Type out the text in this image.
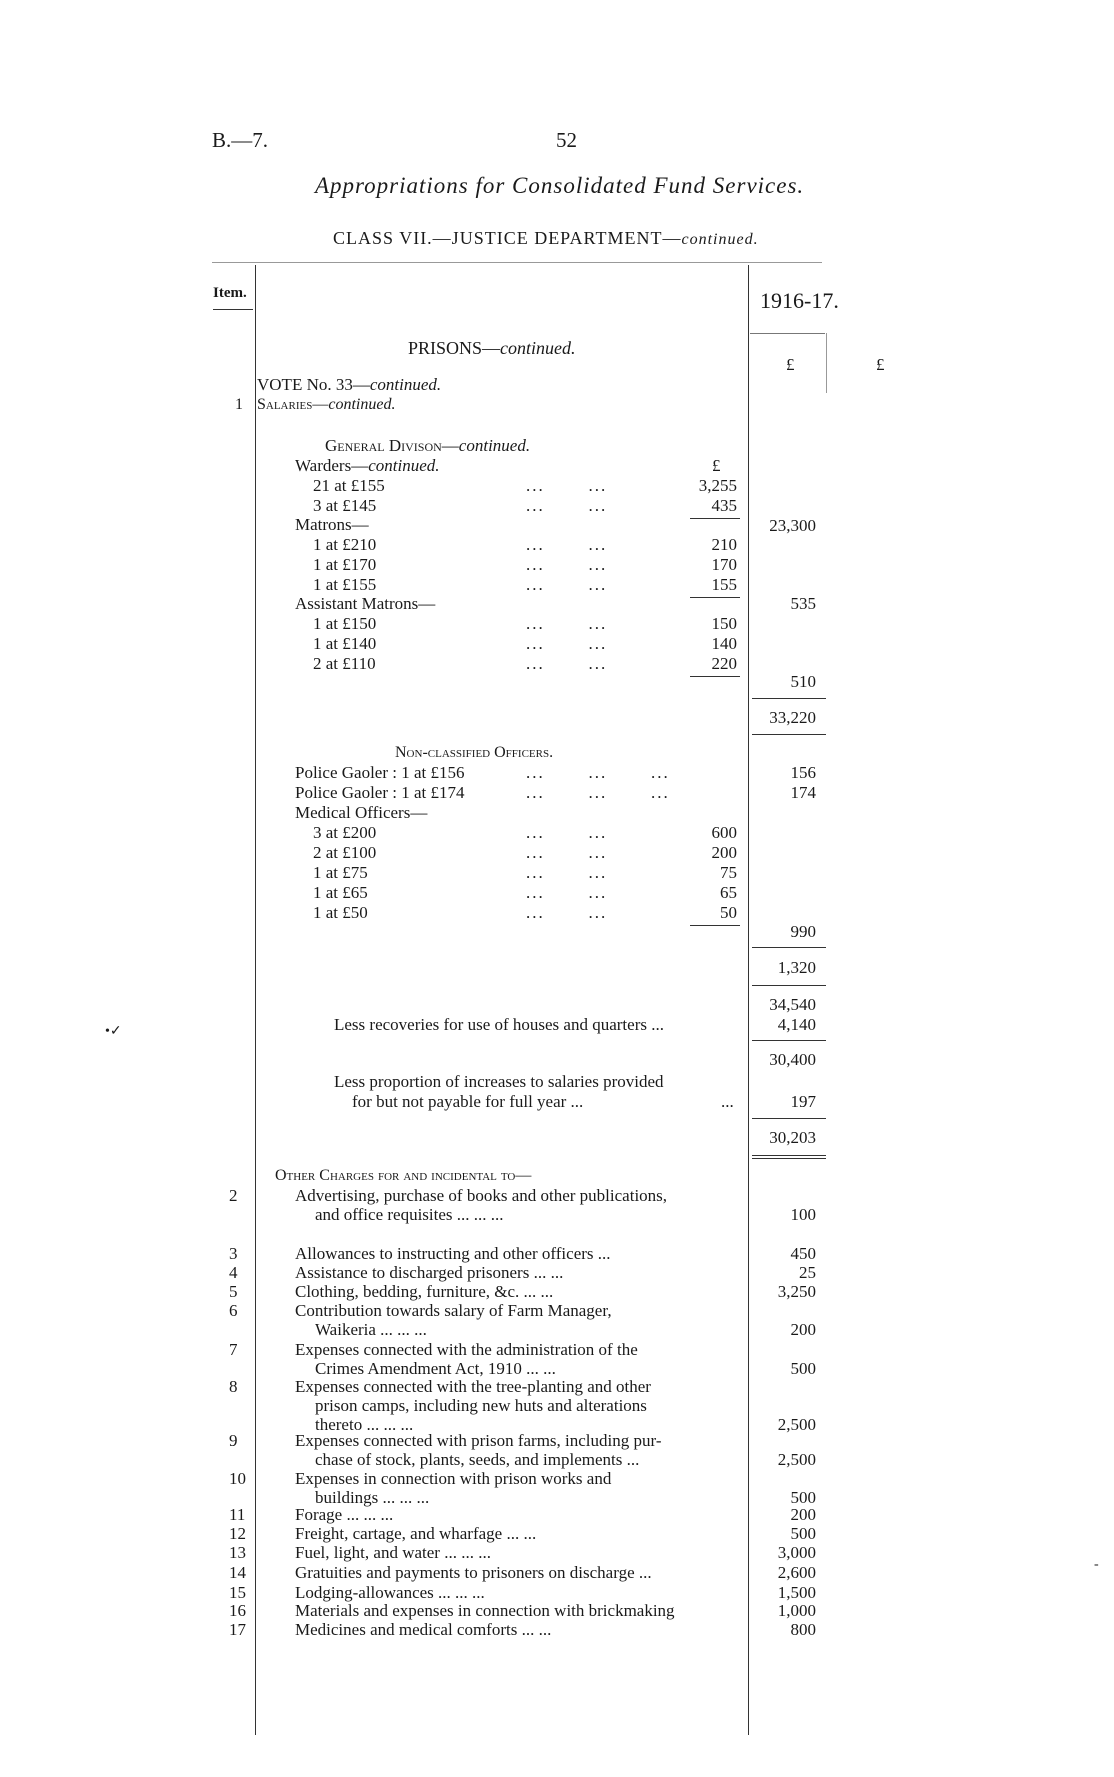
B.—7.	52
Appropriations for Consolidated Fund Services.
CLASS VII.—JUSTICE DEPARTMENT—continued.
Item.	1916-17.
£	£
PRISONS—continued.
VOTE No. 33—continued.
1 Salaries—continued.
General Divison—continued.
£
Warders—continued.
21 at £155	...       ...	3,255
3 at £145	...       ...	435
Matrons—	23,300
1 at £210	...       ...	210
1 at £170	...       ...	170
1 at £155	...       ...	155
Assistant Matrons—	535
1 at £150	...       ...	150
1 at £140	...       ...	140
2 at £110	...       ...	220
510
33,220
Non-classified Officers.
Police Gaoler : 1 at £156	...       ...       ...	156
Police Gaoler : 1 at £174	...       ...       ...	174
Medical Officers—
3 at £200	...       ...	600
2 at £100	...       ...	200
1 at £75	...       ...	75
1 at £65	...       ...	65
1 at £50	...       ...	50
990
1,320
34,540
Less recoveries for use of houses and quarters ...	4,140
30,400
Less proportion of increases to salaries provided
for but not payable for full year ...	...	197
30,203
Other Charges for and incidental to—
2	Advertising, purchase of books and other publications,
and office requisites ... ... ...	100
3	Allowances to instructing and other officers ...	450
4	Assistance to discharged prisoners ... ...	25
5	Clothing, bedding, furniture, &c. ... ...	3,250
6	Contribution towards salary of Farm Manager,
Waikeria ... ... ...	200
7	Expenses connected with the administration of the
Crimes Amendment Act, 1910 ... ...	500
8	Expenses connected with the tree-planting and other
prison camps, including new huts and alterations
thereto ... ... ...	2,500
9	Expenses connected with prison farms, including pur-
chase of stock, plants, seeds, and implements ...	2,500
10	Expenses in connection with prison works and
buildings ... ... ...	500
11	Forage ... ... ...	200
12	Freight, cartage, and wharfage ... ...	500
13	Fuel, light, and water ... ... ...	3,000
14	Gratuities and payments to prisoners on discharge ...	2,600
15	Lodging-allowances ... ... ...	1,500
16	Materials and expenses in connection with brickmaking	1,000
17	Medicines and medical comforts ... ...	800
•✓
-
